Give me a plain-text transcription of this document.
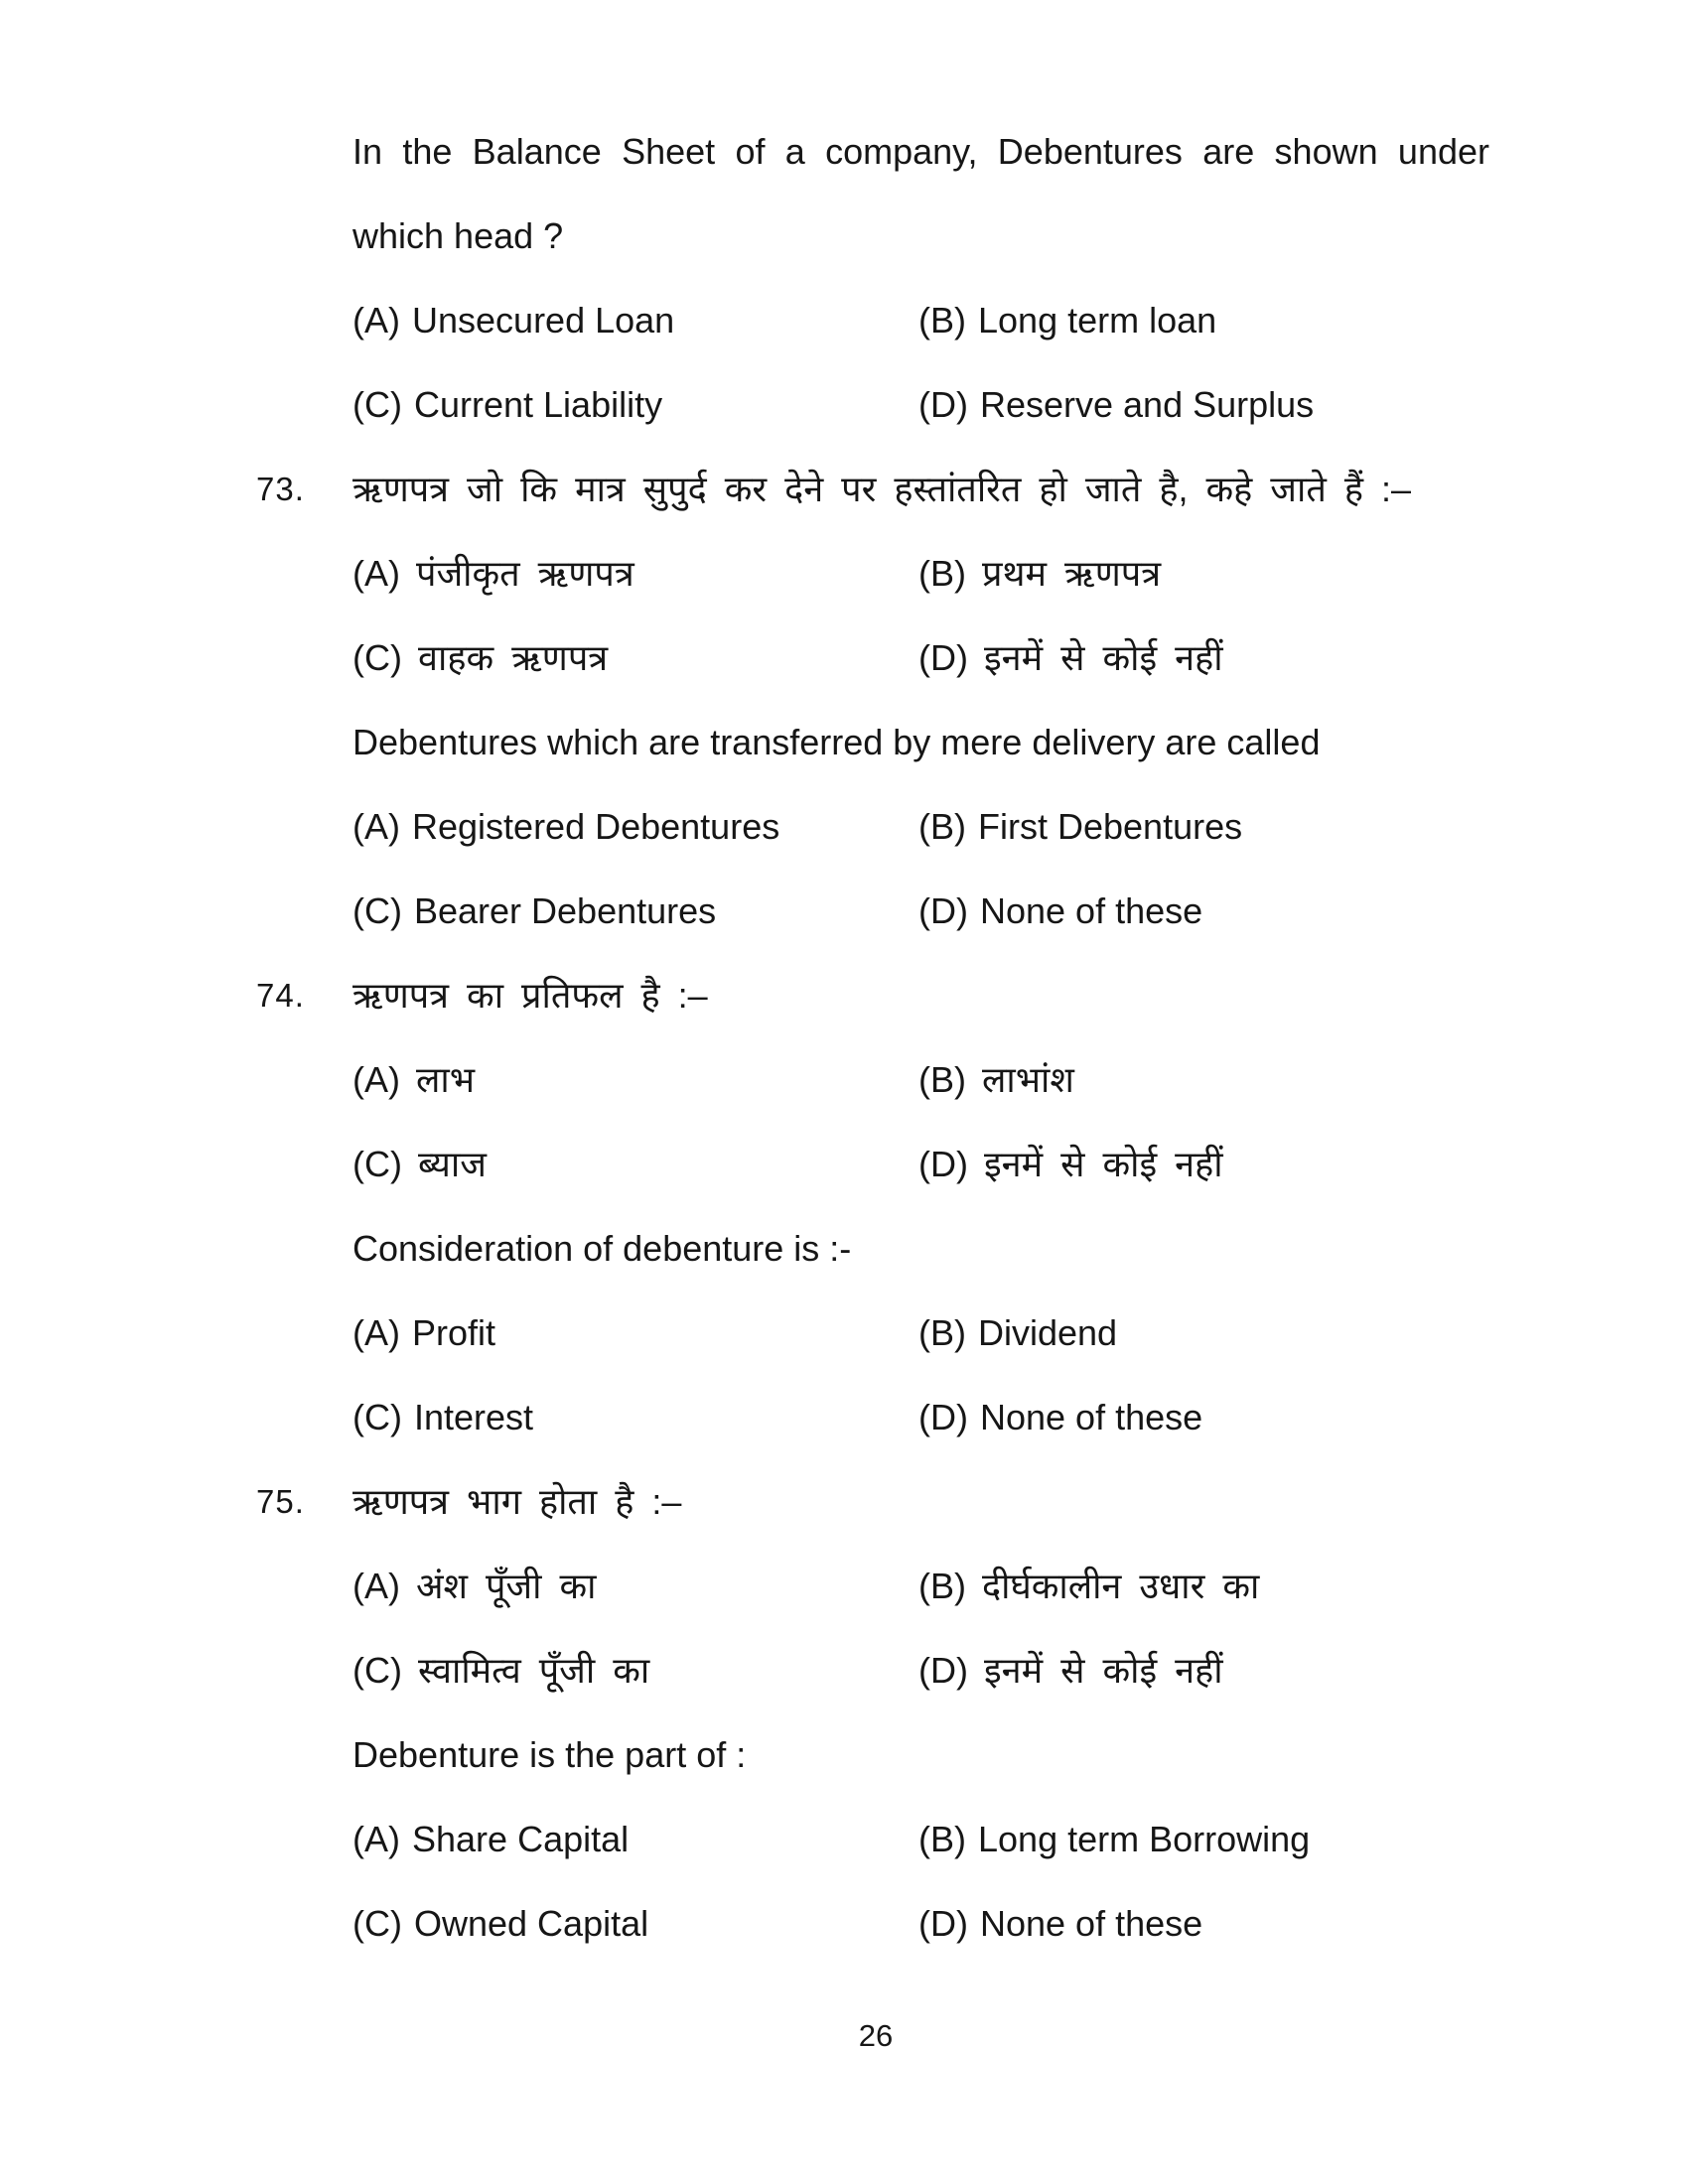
In the Balance Sheet of a company, Debentures are shown under
which head ?
(A) Unsecured Loan	(B) Long term loan
(C) Current Liability	(D) Reserve and Surplus
73. ऋणपत्र जो कि मात्र सुपुर्द कर देने पर हस्तांतरित हो जाते है, कहे जाते हैं :–
(A) पंजीकृत ऋणपत्र	(B) प्रथम ऋणपत्र
(C) वाहक ऋणपत्र	(D) इनमें से कोई नहीं
Debentures which are transferred by mere delivery are called
(A) Registered Debentures	(B) First Debentures
(C) Bearer Debentures	(D) None of these
74. ऋणपत्र का प्रतिफल है :–
(A) लाभ	(B) लाभांश
(C) ब्याज	(D) इनमें से कोई नहीं
Consideration of debenture is :-
(A) Profit	(B) Dividend
(C) Interest	(D) None of these
75. ऋणपत्र भाग होता है :–
(A) अंश पूँजी का	(B) दीर्घकालीन उधार का
(C) स्वामित्व पूँजी का	(D) इनमें से कोई नहीं
Debenture is the part of :
(A) Share Capital	(B) Long term Borrowing
(C) Owned Capital	(D) None of these
26
